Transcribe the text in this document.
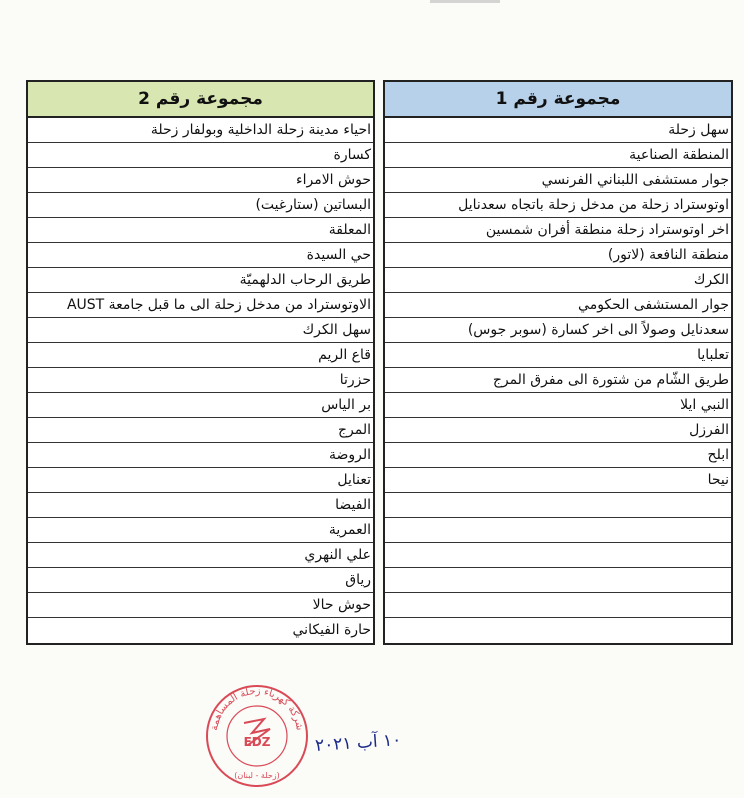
مجموعة رقم 2
احياء مدينة زحلة الداخلية وبولفار زحلة
كسارة
حوش الامراء
البساتين (ستارغيت)
المعلقة
حي السيدة
طريق الرحاب الدلهميّة
الاوتوستراد من مدخل زحلة الى ما قبل جامعة AUST
سهل الكرك
قاع الريم
حزرتا
بر الياس
المرج
الروضة
تعنايل
الفيضا
العمرية
علي النهري
رياق
حوش حالا
حارة الفيكاني
مجموعة رقم 1
سهل زحلة
المنطقة الصناعية
جوار مستشفى اللبناني الفرنسي
اوتوستراد زحلة من مدخل زحلة باتجاه سعدنايل
اخر اوتوستراد زحلة منطقة أفران شمسين
منطقة النافعة (لاتور)
الكرك
جوار المستشفى الحكومي
سعدنايل وصولاً الى اخر كسارة (سوبر جوس)
تعلبايا
طريق الشّام من شتورة الى مفرق المرج
النبي ايلا
الفرزل
ابلح
نيحا
شركة كهرباء زحلة المساهمة
EDZ
(زحلة - لبنان)
١٠ آب ٢٠٢١
